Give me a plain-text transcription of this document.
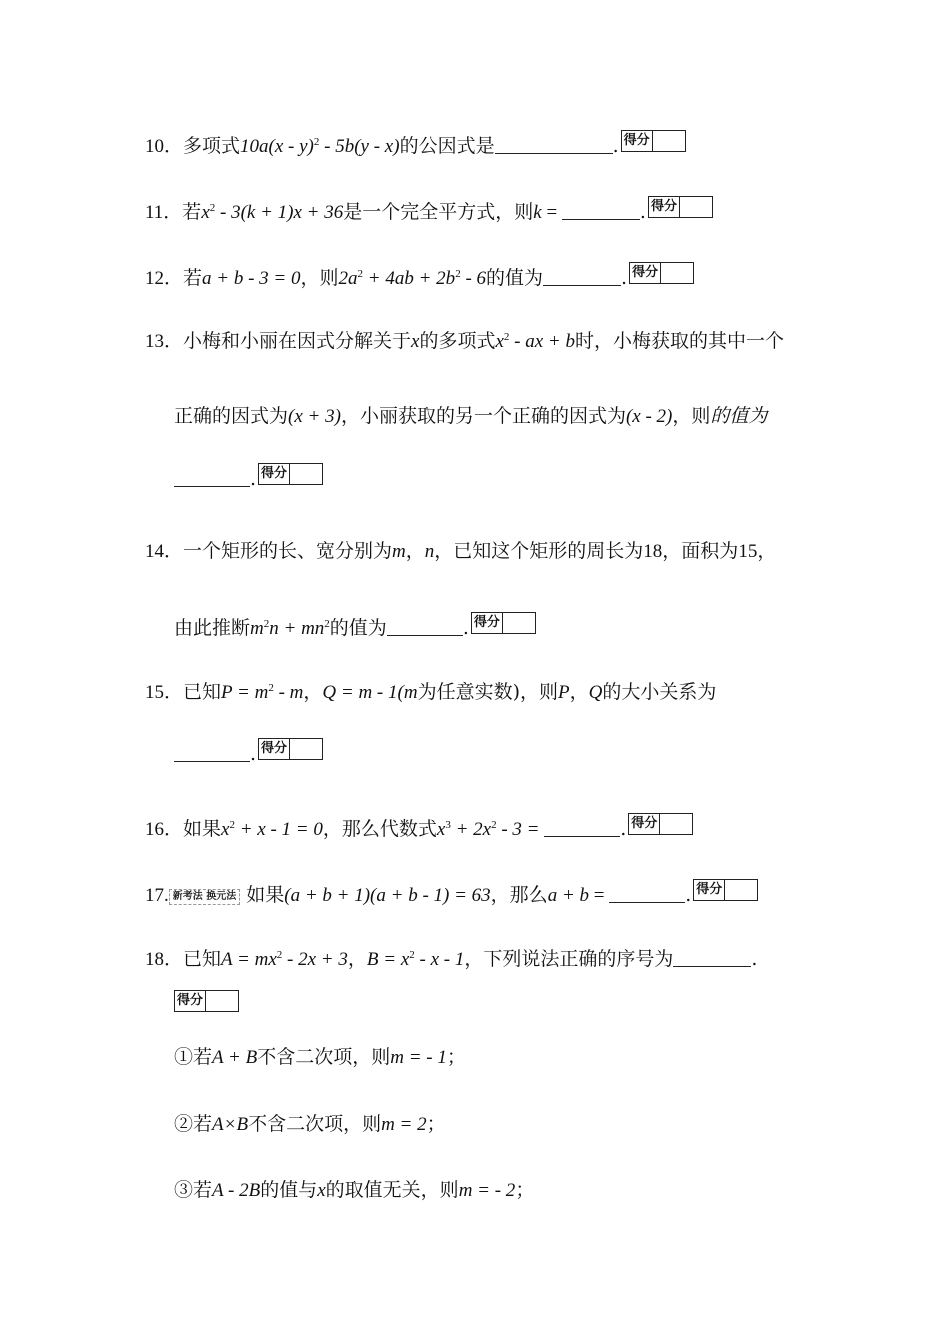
10．多项式10a(x - y)$^2$ - 5b(y - x)的公因式是	. 得分
11．若$x^2 - 3(k + 1)x + 36$是一个完全平方式，则k =	. 得分
12．若a + b - 3 = 0，则$2a^2 + 4ab + 2b^2 - 6$的值为	. 得分
13．小梅和小丽在因式分解关于x的多项式$x^2$ - ax + b时，小梅获取的其中一个
正确的因式为(x + 3)，小丽获取的另一个正确的因式为(x - 2)，则的值为
. 得分
14．一个矩形的长、宽分别为m，n，已知这个矩形的周长为18，面积为15，
由此推断$m^2n + mn^2$的值为	. 得分
15．已知$P = m^2 - m$，Q = m - 1(m为任意实数)，则P，Q的大小关系为
. 得分
16．如果$x^2 + x - 1 = 0$，那么代数式$x^3 + 2x^2 - 3$ =	. 得分
17. 新考法 换元法 如果(a + b + 1)(a + b - 1) = 63，那么a + b =	. 得分
18．已知$A = mx^2 - 2x + 3$，$B = x^2 - x - 1$，下列说法正确的序号为	.
得分
①若A + B不含二次项，则m = - 1；
②若A×B不含二次项，则m = 2；
③若A - 2B的值与x的取值无关，则m = - 2；
